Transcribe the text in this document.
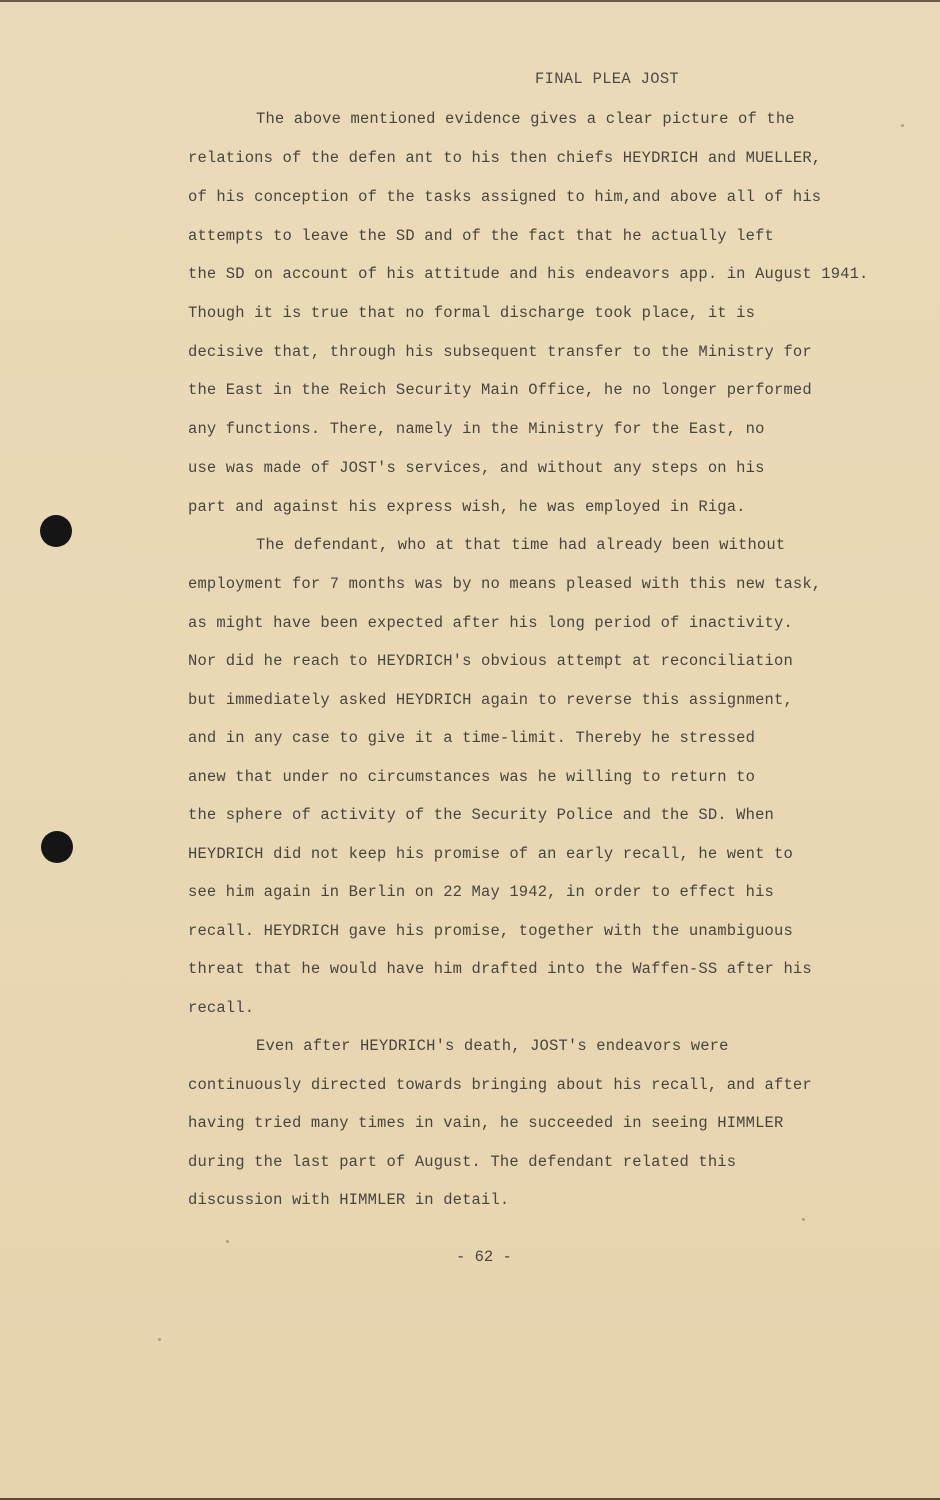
FINAL PLEA JOST
The above mentioned evidence gives a clear picture of the
relations of the defen ant to his then chiefs HEYDRICH and MUELLER,
of his conception of the tasks assigned to him,and above all of his
attempts to leave the SD and of the fact that he actually left
the SD on account of his attitude and his endeavors app. in August 1941.
Though it is true that no formal discharge took place, it is
decisive that, through his subsequent transfer to the Ministry for
the East in the Reich Security Main Office, he no longer performed
any functions. There, namely in the Ministry for the East, no
use was made of JOST's services, and without any steps on his
part and against his express wish, he was employed in Riga.
The defendant, who at that time had already been without
employment for 7 months was by no means pleased with this new task,
as might have been expected after his long period of inactivity.
Nor did he reach to HEYDRICH's obvious attempt at reconciliation
but immediately asked HEYDRICH again to reverse this assignment,
and in any case to give it a time-limit. Thereby he stressed
anew that under no circumstances was he willing to return to
the sphere of activity of the Security Police and the SD. When
HEYDRICH did not keep his promise of an early recall, he went to
see him again in Berlin on 22 May 1942, in order to effect his
recall. HEYDRICH gave his promise, together with the unambiguous
threat that he would have him drafted into the Waffen-SS after his
recall.
Even after HEYDRICH's death, JOST's endeavors were
continuously directed towards bringing about his recall, and after
having tried many times in vain, he succeeded in seeing HIMMLER
during the last part of August. The defendant related this
discussion with HIMMLER in detail.
- 62 -
